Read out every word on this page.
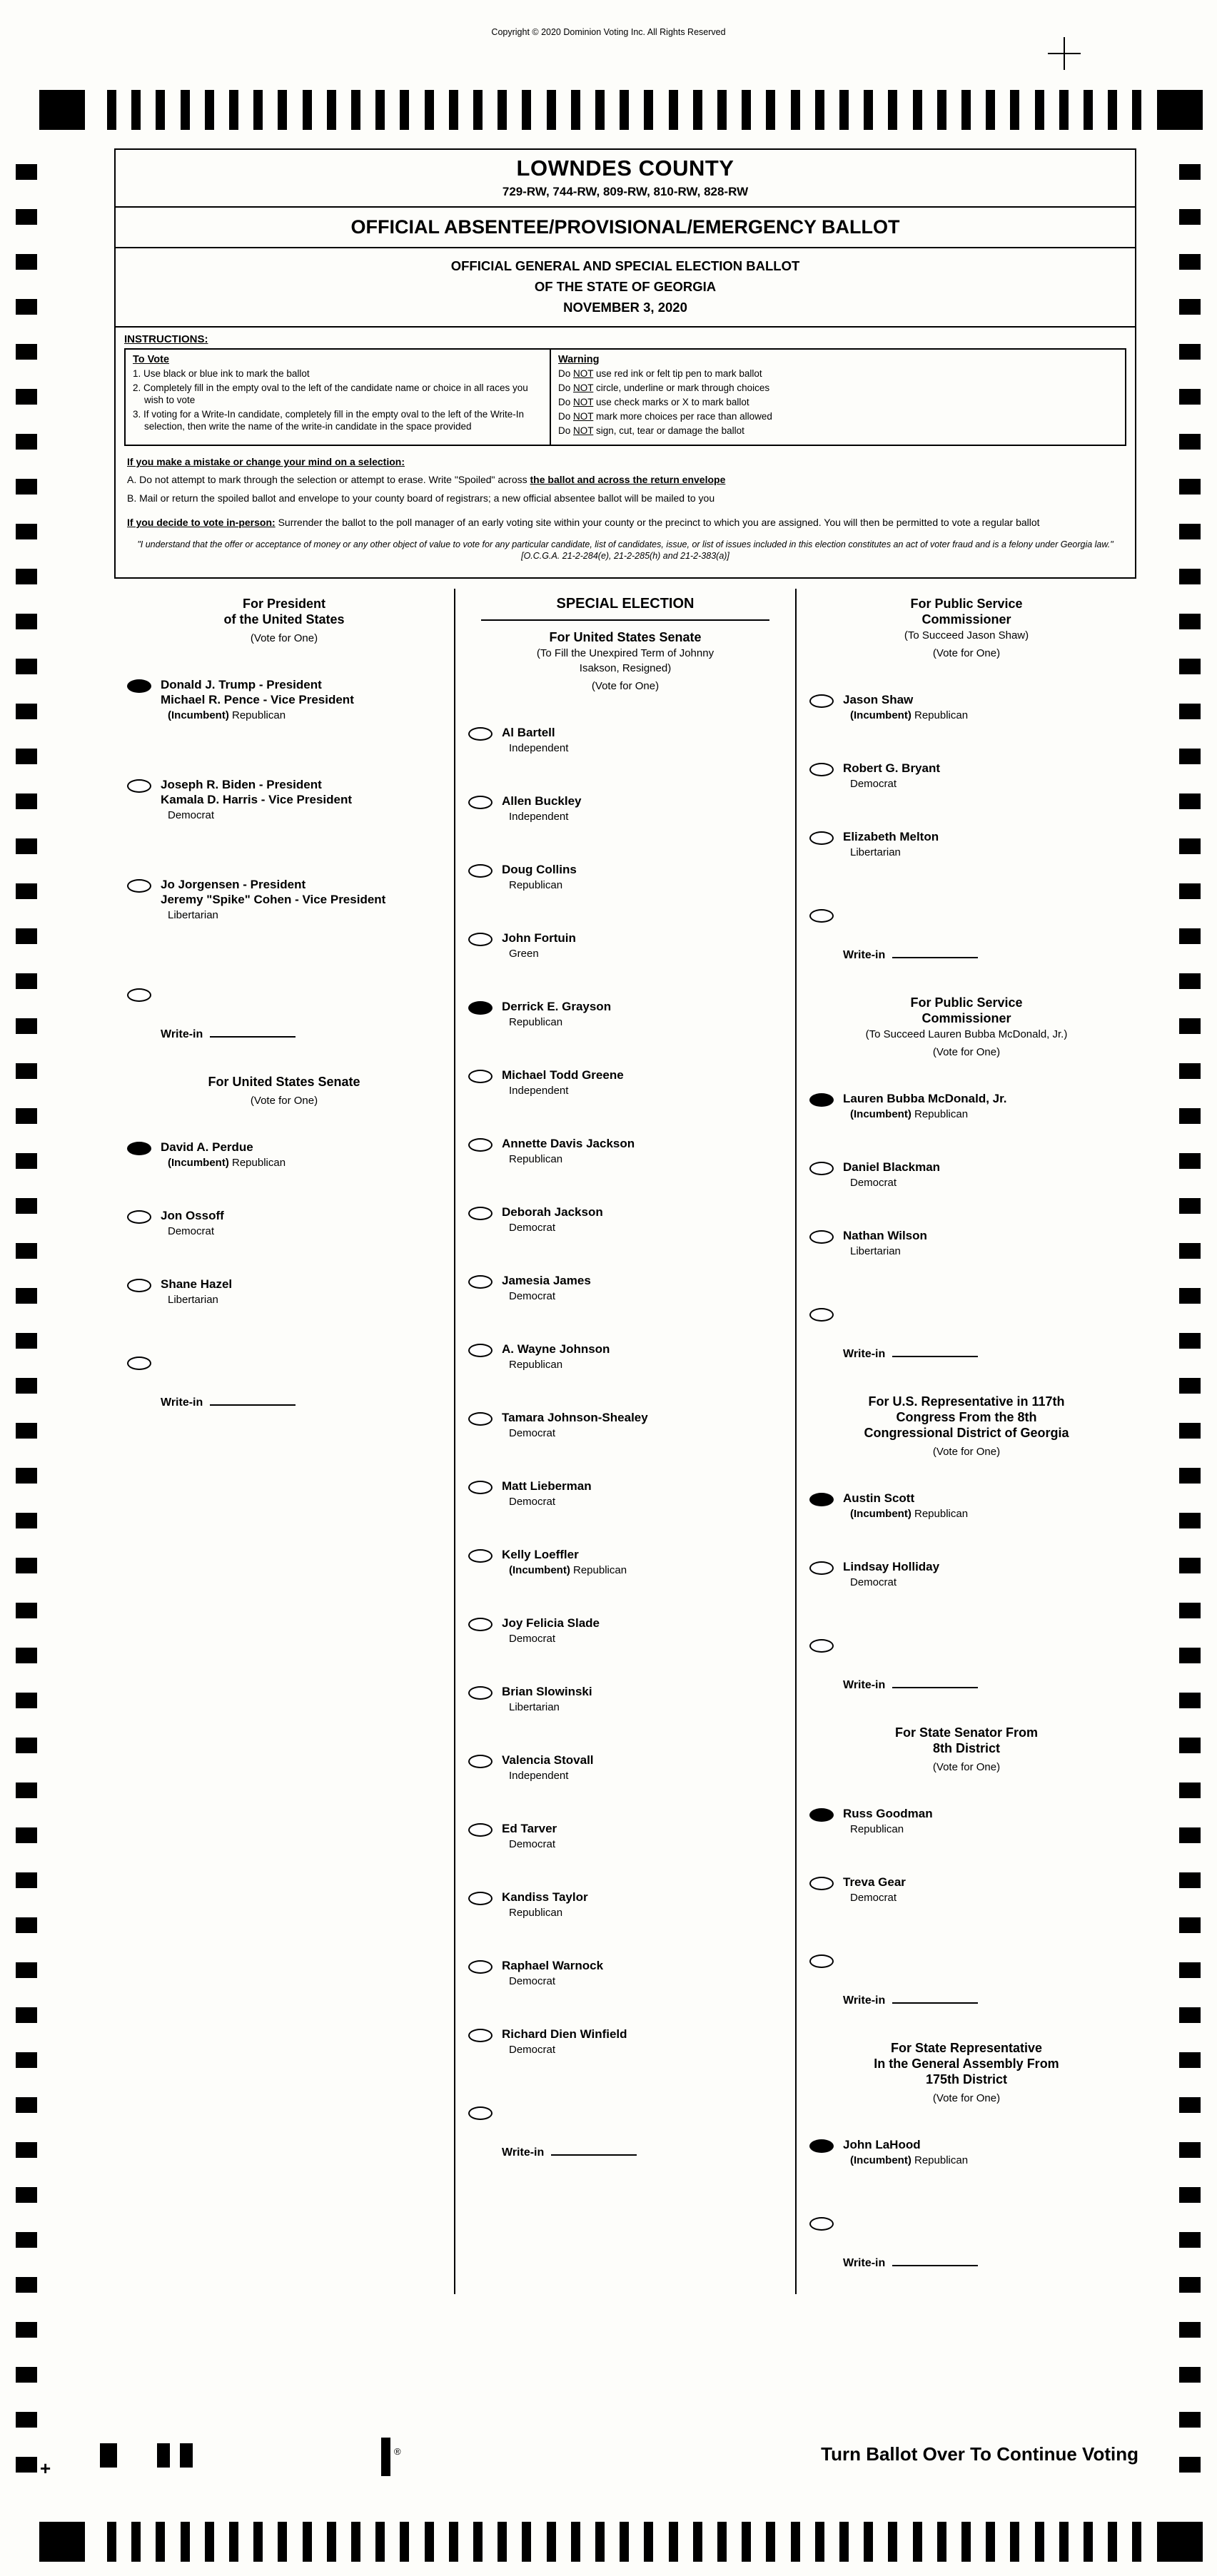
Copyright © 2020 Dominion Voting Inc. All Rights Reserved
LOWNDES COUNTY
729-RW, 744-RW, 809-RW, 810-RW, 828-RW
OFFICIAL ABSENTEE/PROVISIONAL/EMERGENCY BALLOT
OFFICIAL GENERAL AND SPECIAL ELECTION BALLOT
OF THE STATE OF GEORGIA
NOVEMBER 3, 2020
INSTRUCTIONS:
To Vote
1. Use black or blue ink to mark the ballot
2. Completely fill in the empty oval to the left of the candidate name or choice in all races you wish to vote
3. If voting for a Write-In candidate, completely fill in the empty oval to the left of the Write-In selection, then write the name of the write-in candidate in the space provided
Warning
Do NOT use red ink or felt tip pen to mark ballot
Do NOT circle, underline or mark through choices
Do NOT use check marks or X to mark ballot
Do NOT mark more choices per race than allowed
Do NOT sign, cut, tear or damage the ballot
If you make a mistake or change your mind on a selection:
A. Do not attempt to mark through the selection or attempt to erase. Write "Spoiled" across the ballot and across the return envelope
B. Mail or return the spoiled ballot and envelope to your county board of registrars; a new official absentee ballot will be mailed to you

If you decide to vote in-person: Surrender the ballot to the poll manager of an early voting site within your county or the precinct to which you are assigned. You will then be permitted to vote a regular ballot

"I understand that the offer or acceptance of money or any other object of value to vote for any particular candidate, list of candidates, issue, or list of issues included in this election constitutes an act of voter fraud and is a felony under Georgia law." [O.C.G.A. 21-2-284(e), 21-2-285(h) and 21-2-383(a)]
For President
of the United States
(Vote for One)
Donald J. Trump - President
Michael R. Pence - Vice President
(Incumbent) Republican
Joseph R. Biden - President
Kamala D. Harris - Vice President
Democrat
Jo Jorgensen - President
Jeremy "Spike" Cohen - Vice President
Libertarian
Write-in
For United States Senate
(Vote for One)
David A. Perdue
(Incumbent) Republican
Jon Ossoff
Democrat
Shane Hazel
Libertarian
Write-in
SPECIAL ELECTION
For United States Senate
(To Fill the Unexpired Term of Johnny
Isakson, Resigned)
(Vote for One)
Al Bartell
Independent
Allen Buckley
Independent
Doug Collins
Republican
John Fortuin
Green
Derrick E. Grayson
Republican
Michael Todd Greene
Independent
Annette Davis Jackson
Republican
Deborah Jackson
Democrat
Jamesia James
Democrat
A. Wayne Johnson
Republican
Tamara Johnson-Shealey
Democrat
Matt Lieberman
Democrat
Kelly Loeffler
(Incumbent) Republican
Joy Felicia Slade
Democrat
Brian Slowinski
Libertarian
Valencia Stovall
Independent
Ed Tarver
Democrat
Kandiss Taylor
Republican
Raphael Warnock
Democrat
Richard Dien Winfield
Democrat
Write-in
For Public Service
Commissioner
(To Succeed Jason Shaw)
(Vote for One)
Jason Shaw
(Incumbent) Republican
Robert G. Bryant
Democrat
Elizabeth Melton
Libertarian
Write-in
For Public Service
Commissioner
(To Succeed Lauren Bubba McDonald, Jr.)
(Vote for One)
Lauren Bubba McDonald, Jr.
(Incumbent) Republican
Daniel Blackman
Democrat
Nathan Wilson
Libertarian
Write-in
For U.S. Representative in 117th
Congress From the 8th
Congressional District of Georgia
(Vote for One)
Austin Scott
(Incumbent) Republican
Lindsay Holliday
Democrat
Write-in
For State Senator From
8th District
(Vote for One)
Russ Goodman
Republican
Treva Gear
Democrat
Write-in
For State Representative
In the General Assembly From
175th District
(Vote for One)
John LaHood
(Incumbent) Republican
Write-in
Turn Ballot Over To Continue Voting
+
®
